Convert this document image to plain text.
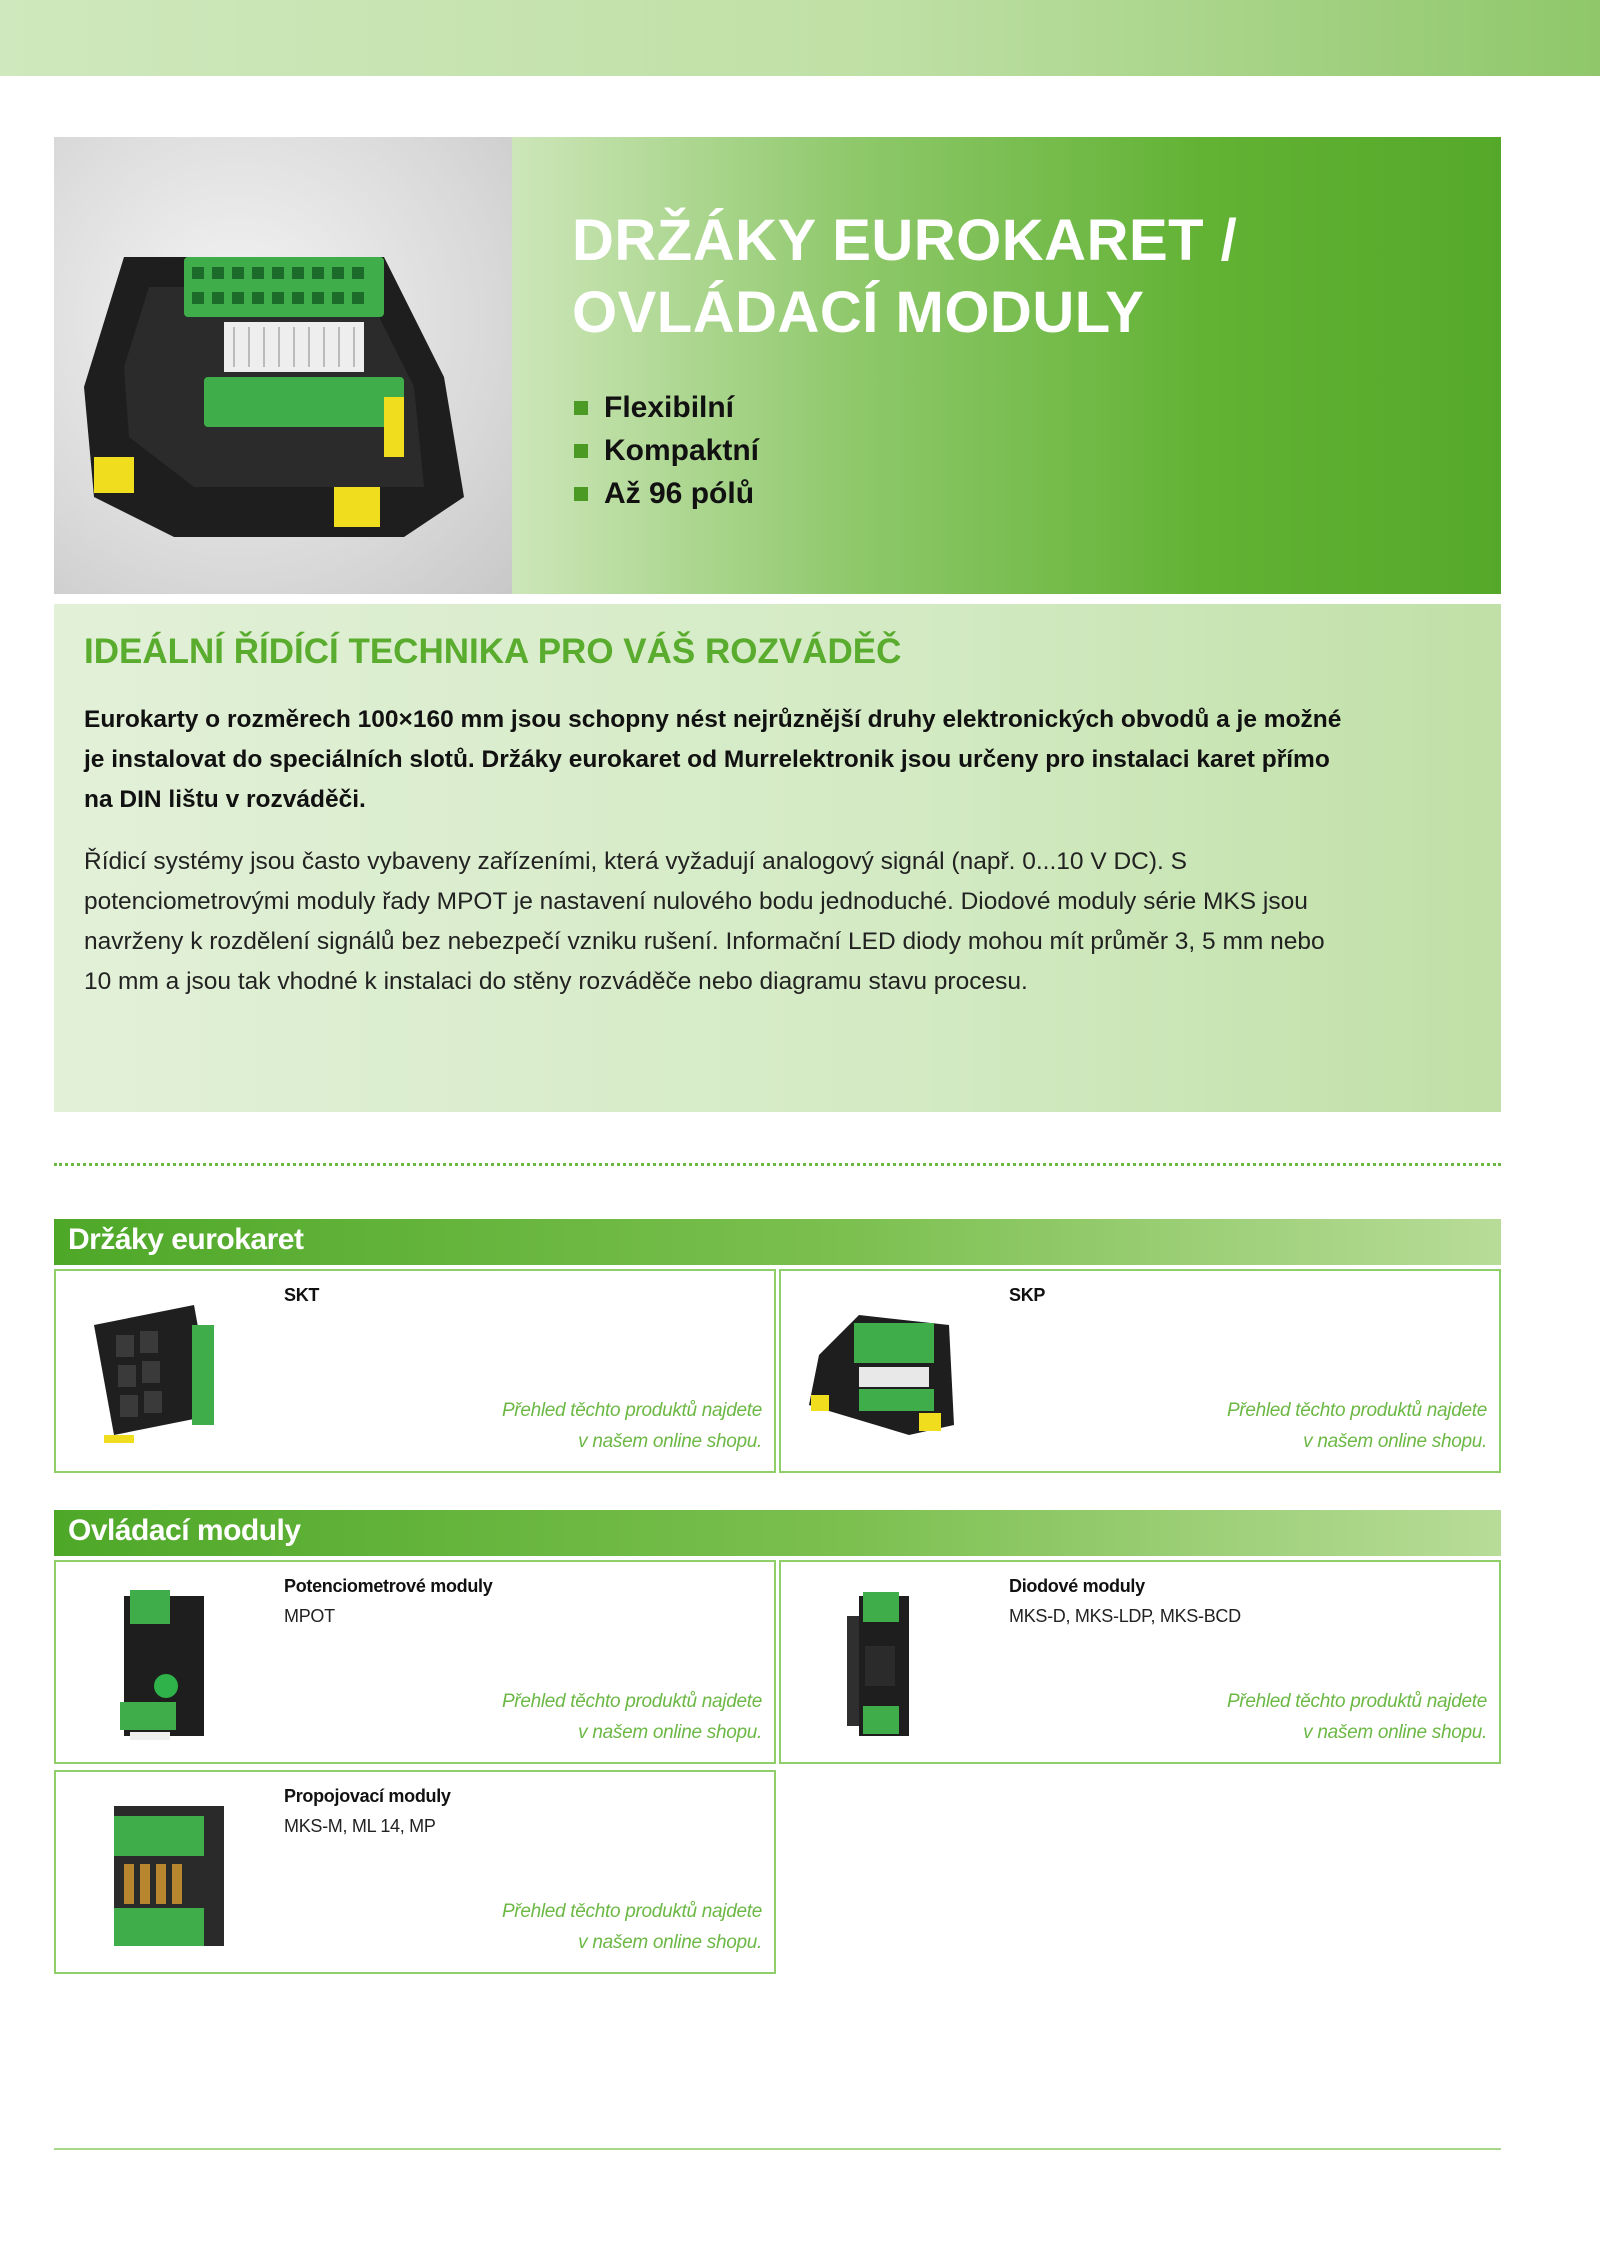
DRŽÁKY EUROKARET /
OVLÁDACÍ MODULY
Flexibilní
Kompaktní
Až 96 pólů
IDEÁLNÍ ŘÍDÍCÍ TECHNIKA PRO VÁŠ ROZVÁDĚČ
Eurokarty o rozměrech 100×160 mm jsou schopny nést nejrůznější druhy elektronických obvodů a je možné je instalovat do speciálních slotů. Držáky eurokaret od Murrelektronik jsou určeny pro instalaci karet přímo na DIN lištu v rozváděči.
Řídicí systémy jsou často vybaveny zařízeními, která vyžadují analogový signál (např. 0...10 V DC). S potenciometrovými moduly řady MPOT je nastavení nulového bodu jednoduché. Diodové moduly série MKS jsou navrženy k rozdělení signálů bez nebezpečí vzniku rušení. Informační LED diody mohou mít průměr 3, 5 mm nebo 10 mm a jsou tak vhodné k instalaci do stěny rozváděče nebo diagramu stavu procesu.
Držáky eurokaret
SKT
Přehled těchto produktů najdete
v našem online shopu.
SKP
Přehled těchto produktů najdete
v našem online shopu.
Ovládací moduly
Potenciometrové moduly
MPOT
Přehled těchto produktů najdete
v našem online shopu.
Diodové moduly
MKS-D, MKS-LDP, MKS-BCD
Přehled těchto produktů najdete
v našem online shopu.
Propojovací moduly
MKS-M, ML 14, MP
Přehled těchto produktů najdete
v našem online shopu.
